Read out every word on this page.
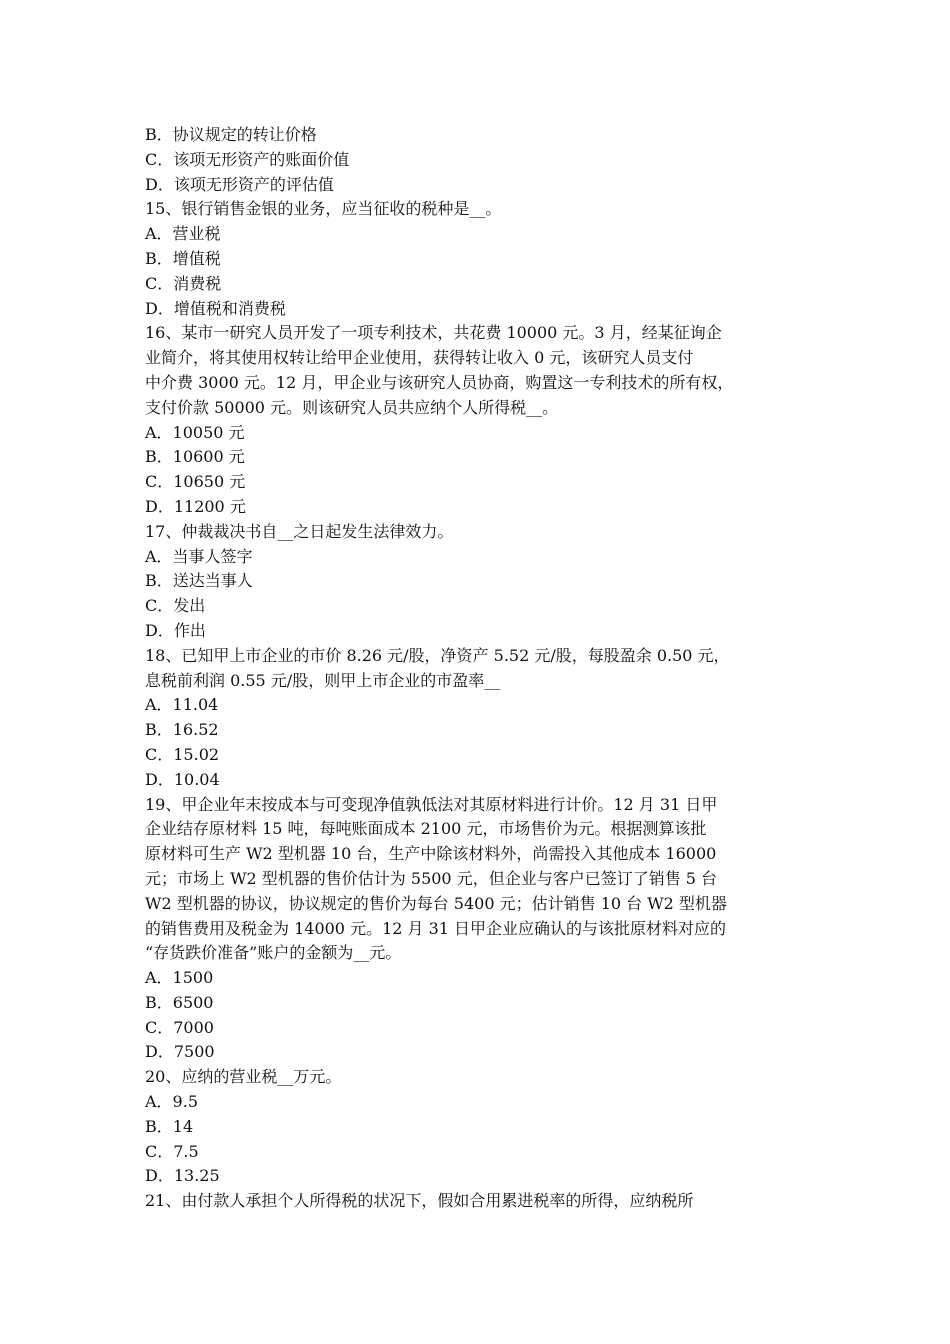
B．协议规定的转让价格
C．该项无形资产的账面价值
D．该项无形资产的评估值
15、银行销售金银的业务，应当征收的税种是__。
A．营业税
B．增值税
C．消费税
D．增值税和消费税
16、某市一研究人员开发了一项专利技术，共花费 10000 元。3 月，经某征询企
业简介，将其使用权转让给甲企业使用，获得转让收入 0 元，该研究人员支付
中介费 3000 元。12 月，甲企业与该研究人员协商，购置这一专利技术的所有权，
支付价款 50000 元。则该研究人员共应纳个人所得税__。
A．10050 元
B．10600 元
C．10650 元
D．11200 元
17、仲裁裁决书自__之日起发生法律效力。
A．当事人签字
B．送达当事人
C．发出
D．作出
18、已知甲上市企业的市价 8.26 元/股，净资产 5.52 元/股，每股盈余 0.50 元，
息税前利润 0.55 元/股，则甲上市企业的市盈率__
A．11.04
B．16.52
C．15.02
D．10.04
19、甲企业年末按成本与可变现净值孰低法对其原材料进行计价。12 月 31 日甲
企业结存原材料 15 吨，每吨账面成本 2100 元，市场售价为元。根据测算该批
原材料可生产 W2 型机器 10 台，生产中除该材料外，尚需投入其他成本 16000
元；市场上 W2 型机器的售价估计为 5500 元，但企业与客户已签订了销售 5 台
W2 型机器的协议，协议规定的售价为每台 5400 元；估计销售 10 台 W2 型机器
的销售费用及税金为 14000 元。12 月 31 日甲企业应确认的与该批原材料对应的
“存货跌价准备”账户的金额为__元。
A．1500
B．6500
C．7000
D．7500
20、应纳的营业税__万元。
A．9.5
B．14
C．7.5
D．13.25
21、由付款人承担个人所得税的状况下，假如合用累进税率的所得，应纳税所
